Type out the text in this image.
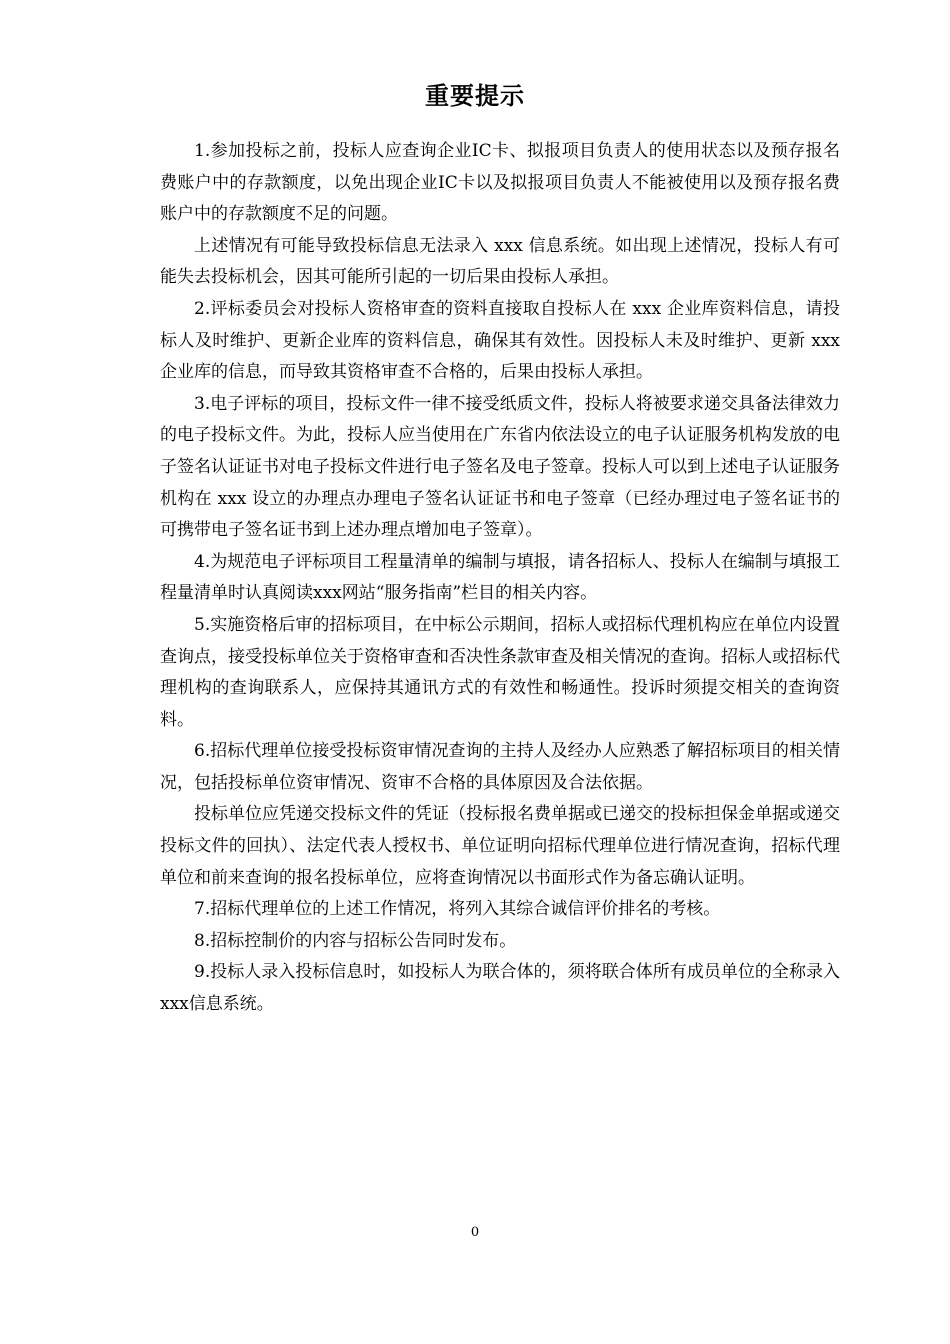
重要提示

1.参加投标之前，投标人应查询企业IC卡、拟报项目负责人的使用状态以及预存报名费账户中的存款额度，以免出现企业IC卡以及拟报项目负责人不能被使用以及预存报名费账户中的存款额度不足的问题。

上述情况有可能导致投标信息无法录入 xxx 信息系统。如出现上述情况，投标人有可能失去投标机会，因其可能所引起的一切后果由投标人承担。

2.评标委员会对投标人资格审查的资料直接取自投标人在 xxx 企业库资料信息，请投标人及时维护、更新企业库的资料信息，确保其有效性。因投标人未及时维护、更新 xxx 企业库的信息，而导致其资格审查不合格的，后果由投标人承担。

3.电子评标的项目，投标文件一律不接受纸质文件，投标人将被要求递交具备法律效力的电子投标文件。为此，投标人应当使用在广东省内依法设立的电子认证服务机构发放的电子签名认证证书对电子投标文件进行电子签名及电子签章。投标人可以到上述电子认证服务机构在 xxx 设立的办理点办理电子签名认证证书和电子签章（已经办理过电子签名证书的可携带电子签名证书到上述办理点增加电子签章）。

4.为规范电子评标项目工程量清单的编制与填报，请各招标人、投标人在编制与填报工程量清单时认真阅读xxx网站“服务指南”栏目的相关内容。

5.实施资格后审的招标项目，在中标公示期间，招标人或招标代理机构应在单位内设置查询点，接受投标单位关于资格审查和否决性条款审查及相关情况的查询。招标人或招标代理机构的查询联系人，应保持其通讯方式的有效性和畅通性。投诉时须提交相关的查询资料。

6.招标代理单位接受投标资审情况查询的主持人及经办人应熟悉了解招标项目的相关情况，包括投标单位资审情况、资审不合格的具体原因及合法依据。

投标单位应凭递交投标文件的凭证（投标报名费单据或已递交的投标担保金单据或递交投标文件的回执）、法定代表人授权书、单位证明向招标代理单位进行情况查询，招标代理单位和前来查询的报名投标单位，应将查询情况以书面形式作为备忘确认证明。

7.招标代理单位的上述工作情况，将列入其综合诚信评价排名的考核。

8.招标控制价的内容与招标公告同时发布。

9.投标人录入投标信息时，如投标人为联合体的，须将联合体所有成员单位的全称录入xxx信息系统。

0
